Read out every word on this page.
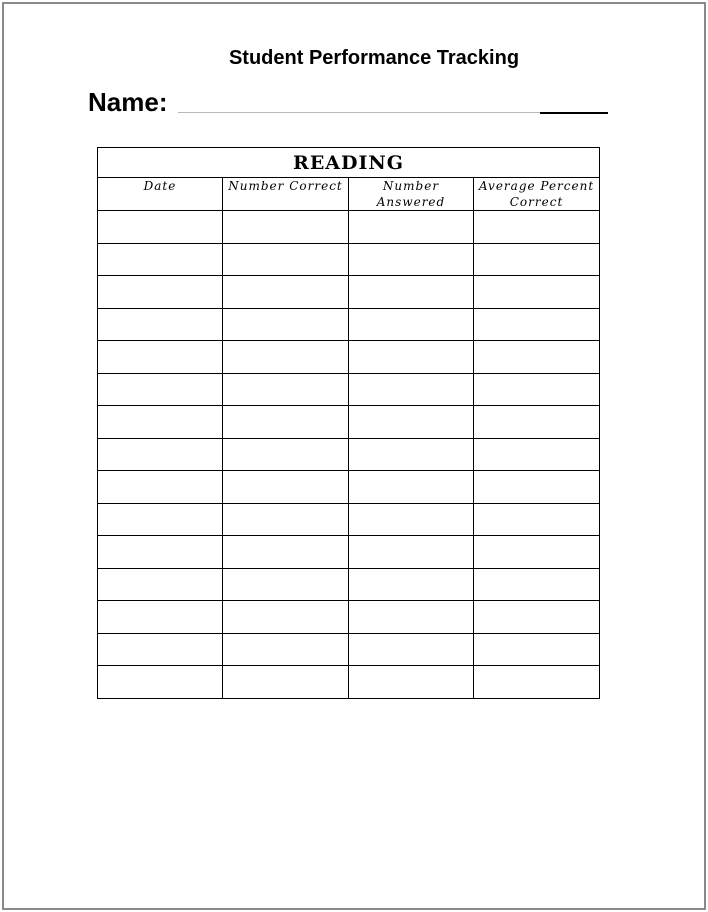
Student Performance Tracking
Name:
READING			
Date	Number Correct	Number Answered	Average Percent Correct
